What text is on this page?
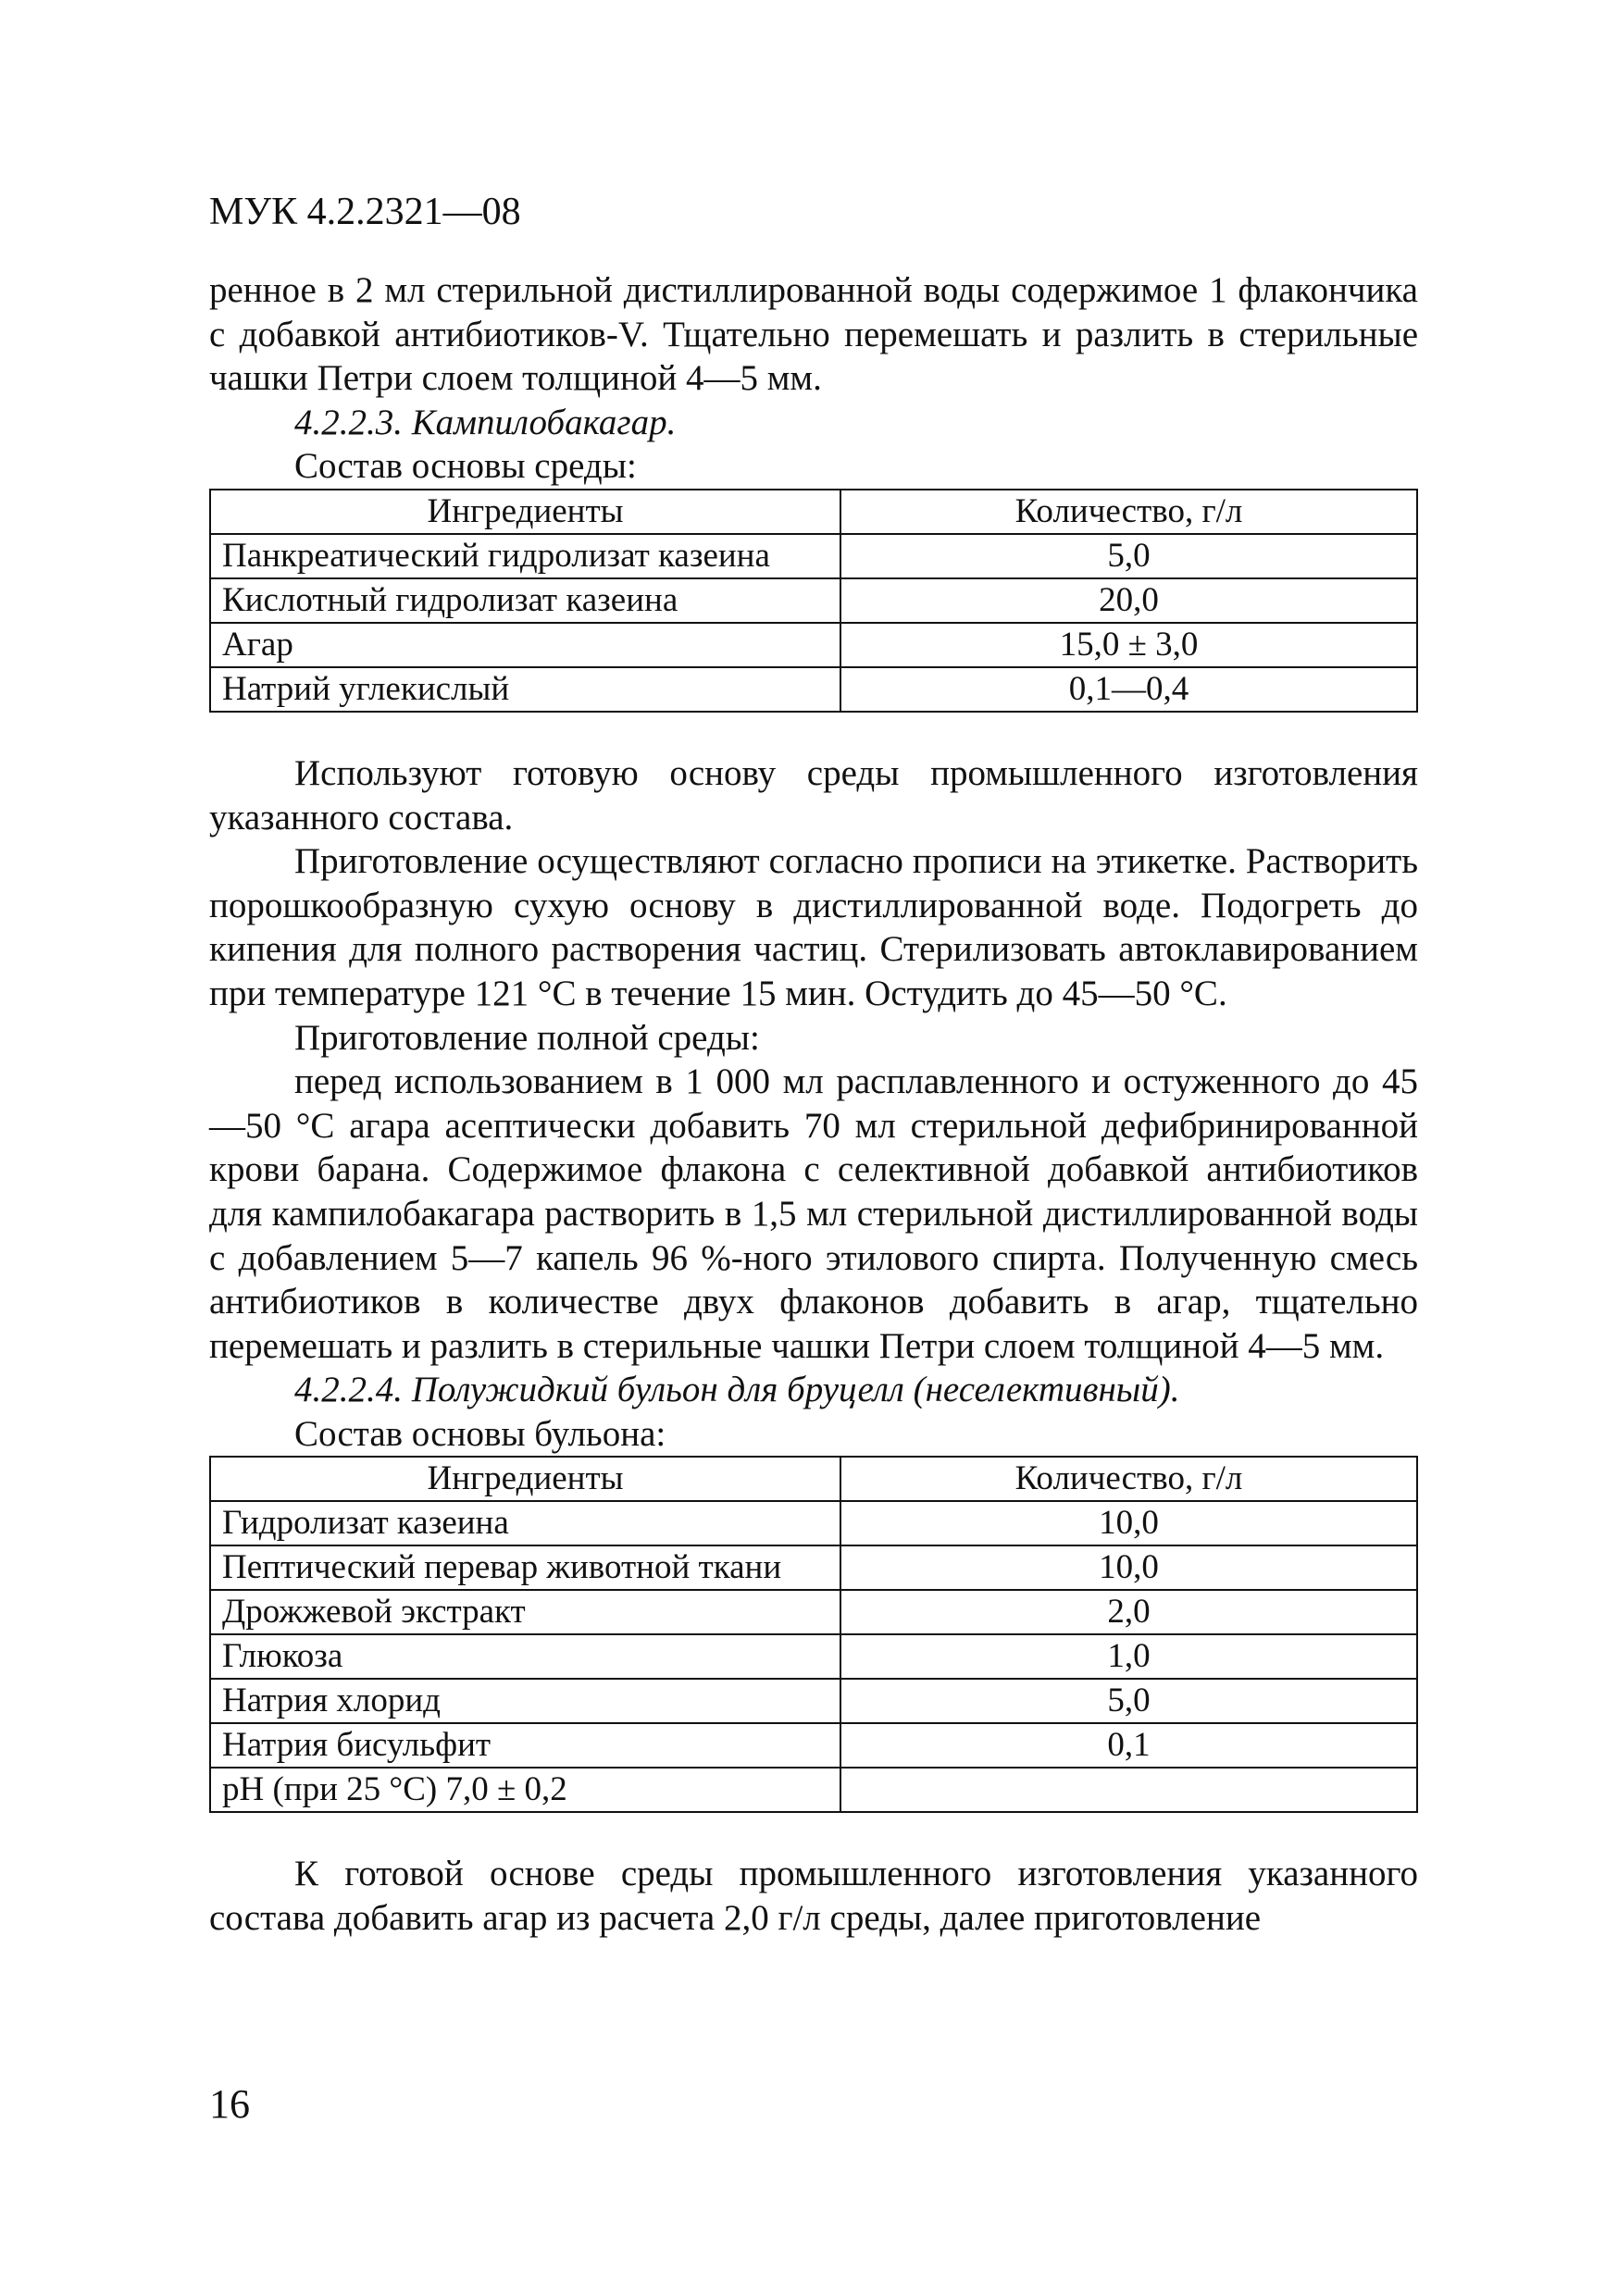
МУК 4.2.2321—08

ренное в 2 мл стерильной дистиллированной воды содержимое 1 флакончика с добавкой антибиотиков-V. Тщательно перемешать и разлить в стерильные чашки Петри слоем толщиной 4—5 мм.

4.2.2.3. Кампилобакагар.

Состав основы среды:

Ингредиенты	Количество, г/л
Панкреатический гидролизат казеина	5,0
Кислотный гидролизат казеина	20,0
Агар	15,0 ± 3,0
Натрий углекислый	0,1—0,4

Используют готовую основу среды промышленного изготовления указанного состава.

Приготовление осуществляют согласно прописи на этикетке. Растворить порошкообразную сухую основу в дистиллированной воде. Подогреть до кипения для полного растворения частиц. Стерилизовать автоклавированием при температуре 121 °С в течение 15 мин. Остудить до 45—50 °С.

Приготовление полной среды:

перед использованием в 1 000 мл расплавленного и остуженного до 45—50 °С агара асептически добавить 70 мл стерильной дефибринированной крови барана. Содержимое флакона с селективной добавкой антибиотиков для кампилобакагара растворить в 1,5 мл стерильной дистиллированной воды с добавлением 5—7 капель 96 %-ного этилового спирта. Полученную смесь антибиотиков в количестве двух флаконов добавить в агар, тщательно перемешать и разлить в стерильные чашки Петри слоем толщиной 4—5 мм.

4.2.2.4. Полужидкий бульон для бруцелл (неселективный).

Состав основы бульона:

Ингредиенты	Количество, г/л
Гидролизат казеина	10,0
Пептический перевар животной ткани	10,0
Дрожжевой экстракт	2,0
Глюкоза	1,0
Натрия хлорид	5,0
Натрия бисульфит	0,1
pH (при 25 °С) 7,0 ± 0,2	

К готовой основе среды промышленного изготовления указанного состава добавить агар из расчета 2,0 г/л среды, далее приготовление

16
